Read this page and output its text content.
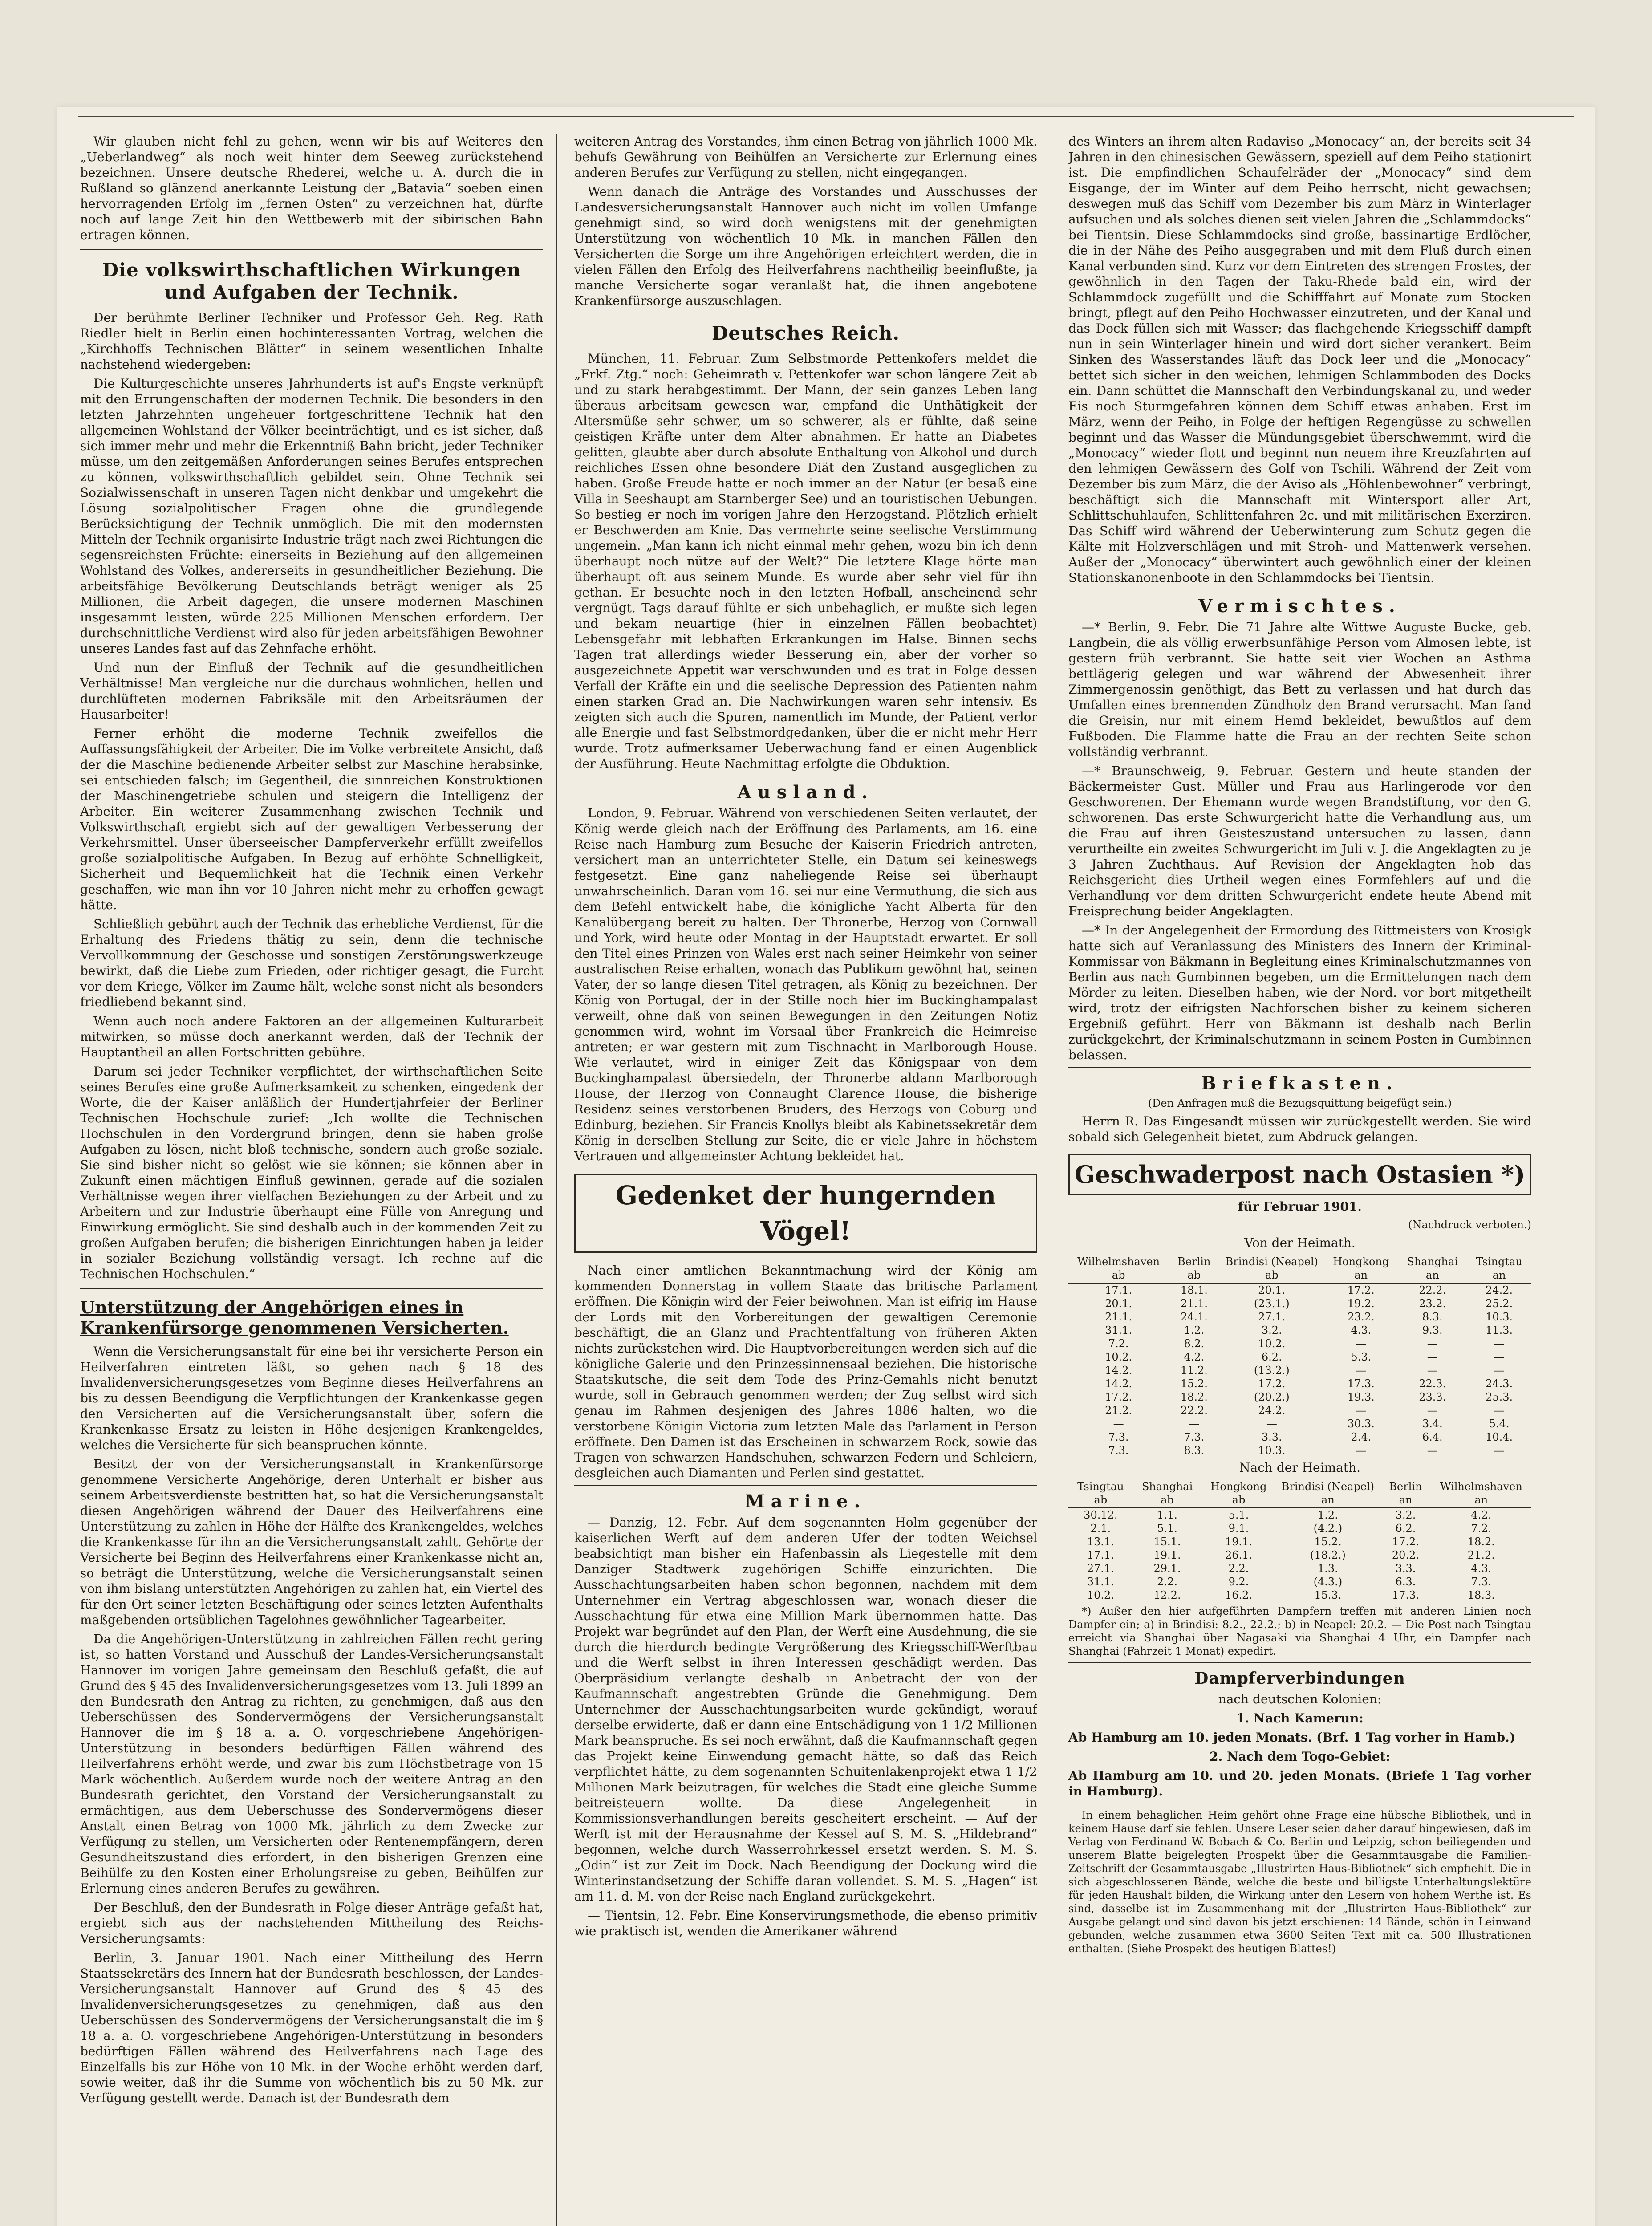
Wir glauben nicht fehl zu gehen, wenn wir bis auf Weiteres den „Ueberlandweg“ als noch weit hinter dem Seeweg zurückstehend bezeichnen. Unsere deutsche Rhederei, welche u. A. durch die in Rußland so glänzend anerkannte Leistung der „Batavia“ soeben einen hervorragenden Erfolg im „fernen Osten“ zu verzeichnen hat, dürfte noch auf lange Zeit hin den Wettbewerb mit der sibirischen Bahn ertragen können.

Die volkswirthschaftlichen Wirkungen und Aufgaben der Technik.

Der berühmte Berliner Techniker und Professor Geh. Reg. Rath Riedler hielt in Berlin einen hochinteressanten Vortrag, welchen die „Kirchhoffs Technischen Blätter“ in seinem wesentlichen Inhalte nachstehend wiedergeben:

Die Kulturgeschichte unseres Jahrhunderts ist auf's Engste verknüpft mit den Errungenschaften der modernen Technik. Die besonders in den letzten Jahrzehnten ungeheuer fortgeschrittene Technik hat den allgemeinen Wohlstand der Völker beeinträchtigt, und es ist sicher, daß sich immer mehr und mehr die Erkenntniß Bahn bricht, jeder Techniker müsse, um den zeitgemäßen Anforderungen seines Berufes entsprechen zu können, volkswirthschaftlich gebildet sein. Ohne Technik sei Sozialwissenschaft in unseren Tagen nicht denkbar und umgekehrt die Lösung sozialpolitischer Fragen ohne die grundlegende Berücksichtigung der Technik unmöglich. Die mit den modernsten Mitteln der Technik organisirte Industrie trägt nach zwei Richtungen die segensreichsten Früchte: einerseits in Beziehung auf den allgemeinen Wohlstand des Volkes, andererseits in gesundheitlicher Beziehung. Die arbeitsfähige Bevölkerung Deutschlands beträgt weniger als 25 Millionen, die Arbeit dagegen, die unsere modernen Maschinen insgesammt leisten, würde 225 Millionen Menschen erfordern. Der durchschnittliche Verdienst wird also für jeden arbeitsfähigen Bewohner unseres Landes fast auf das Zehnfache erhöht.

Und nun der Einfluß der Technik auf die gesundheitlichen Verhältnisse! Man vergleiche nur die durchaus wohnlichen, hellen und durchlüfteten modernen Fabriksäle mit den Arbeitsräumen der Hausarbeiter!

Ferner erhöht die moderne Technik zweifellos die Auffassungsfähigkeit der Arbeiter. Die im Volke verbreitete Ansicht, daß der die Maschine bedienende Arbeiter selbst zur Maschine herabsinke, sei entschieden falsch; im Gegentheil, die sinnreichen Konstruktionen der Maschinengetriebe schulen und steigern die Intelligenz der Arbeiter. Ein weiterer Zusammenhang zwischen Technik und Volkswirthschaft ergiebt sich auf der gewaltigen Verbesserung der Verkehrsmittel. Unser überseeischer Dampferverkehr erfüllt zweifellos große sozialpolitische Aufgaben. In Bezug auf erhöhte Schnelligkeit, Sicherheit und Bequemlichkeit hat die Technik einen Verkehr geschaffen, wie man ihn vor 10 Jahren nicht mehr zu erhoffen gewagt hätte.

Schließlich gebührt auch der Technik das erhebliche Verdienst, für die Erhaltung des Friedens thätig zu sein, denn die technische Vervollkommnung der Geschosse und sonstigen Zerstörungswerkzeuge bewirkt, daß die Liebe zum Frieden, oder richtiger gesagt, die Furcht vor dem Kriege, Völker im Zaume hält, welche sonst nicht als besonders friedliebend bekannt sind.

Wenn auch noch andere Faktoren an der allgemeinen Kulturarbeit mitwirken, so müsse doch anerkannt werden, daß der Technik der Hauptantheil an allen Fortschritten gebühre.

Darum sei jeder Techniker verpflichtet, der wirthschaftlichen Seite seines Berufes eine große Aufmerksamkeit zu schenken, eingedenk der Worte, die der Kaiser anläßlich der Hundertjahrfeier der Berliner Technischen Hochschule zurief: „Ich wollte die Technischen Hochschulen in den Vordergrund bringen, denn sie haben große Aufgaben zu lösen, nicht bloß technische, sondern auch große soziale. Sie sind bisher nicht so gelöst wie sie können; sie können aber in Zukunft einen mächtigen Einfluß gewinnen, gerade auf die sozialen Verhältnisse wegen ihrer vielfachen Beziehungen zu der Arbeit und zu Arbeitern und zur Industrie überhaupt eine Fülle von Anregung und Einwirkung ermöglicht. Sie sind deshalb auch in der kommenden Zeit zu großen Aufgaben berufen; die bisherigen Einrichtungen haben ja leider in sozialer Beziehung vollständig versagt. Ich rechne auf die Technischen Hochschulen.“

Unterstützung der Angehörigen eines in Krankenfürsorge genommenen Versicherten.

Wenn die Versicherungsanstalt für eine bei ihr versicherte Person ein Heilverfahren eintreten läßt, so gehen nach § 18 des Invalidenversicherungsgesetzes vom Beginne dieses Heilverfahrens an bis zu dessen Beendigung die Verpflichtungen der Krankenkasse gegen den Versicherten auf die Versicherungsanstalt über, sofern die Krankenkasse Ersatz zu leisten in Höhe desjenigen Krankengeldes, welches die Versicherte für sich beanspruchen könnte.

Besitzt der von der Versicherungsanstalt in Krankenfürsorge genommene Versicherte Angehörige, deren Unterhalt er bisher aus seinem Arbeitsverdienste bestritten hat, so hat die Versicherungsanstalt diesen Angehörigen während der Dauer des Heilverfahrens eine Unterstützung zu zahlen in Höhe der Hälfte des Krankengeldes, welches die Krankenkasse für ihn an die Versicherungsanstalt zahlt. Gehörte der Versicherte bei Beginn des Heilverfahrens einer Krankenkasse nicht an, so beträgt die Unterstützung, welche die Versicherungsanstalt seinen von ihm bislang unterstützten Angehörigen zu zahlen hat, ein Viertel des für den Ort seiner letzten Beschäftigung oder seines letzten Aufenthalts maßgebenden ortsüblichen Tagelohnes gewöhnlicher Tagearbeiter.

Da die Angehörigen-Unterstützung in zahlreichen Fällen recht gering ist, so hatten Vorstand und Ausschuß der Landes-Versicherungsanstalt Hannover im vorigen Jahre gemeinsam den Beschluß gefaßt, die auf Grund des § 45 des Invalidenversicherungsgesetzes vom 13. Juli 1899 an den Bundesrath den Antrag zu richten, zu genehmigen, daß aus den Ueberschüssen des Sondervermögens der Versicherungsanstalt Hannover die im § 18 a. a. O. vorgeschriebene Angehörigen-Unterstützung in besonders bedürftigen Fällen während des Heilverfahrens erhöht werde, und zwar bis zum Höchstbetrage von 15 Mark wöchentlich. Außerdem wurde noch der weitere Antrag an den Bundesrath gerichtet, den Vorstand der Versicherungsanstalt zu ermächtigen, aus dem Ueberschusse des Sondervermögens dieser Anstalt einen Betrag von 1000 Mk. jährlich zu dem Zwecke zur Verfügung zu stellen, um Versicherten oder Rentenempfängern, deren Gesundheitszustand dies erfordert, in den bisherigen Grenzen eine Beihülfe zu den Kosten einer Erholungsreise zu geben, Beihülfen zur Erlernung eines anderen Berufes zu gewähren.

Der Beschluß, den der Bundesrath in Folge dieser Anträge gefaßt hat, ergiebt sich aus der nachstehenden Mittheilung des Reichs-Versicherungsamts:

Berlin, 3. Januar 1901. Nach einer Mittheilung des Herrn Staatssekretärs des Innern hat der Bundesrath beschlossen, der Landes-Versicherungsanstalt Hannover auf Grund des § 45 des Invalidenversicherungsgesetzes zu genehmigen, daß aus den Ueberschüssen des Sondervermögens der Versicherungsanstalt die im § 18 a. a. O. vorgeschriebene Angehörigen-Unterstützung in besonders bedürftigen Fällen während des Heilverfahrens nach Lage des Einzelfalls bis zur Höhe von 10 Mk. in der Woche erhöht werden darf, sowie weiter, daß ihr die Summe von wöchentlich bis zu 50 Mk. zur Verfügung gestellt werde. Danach ist der Bundesrath dem

weiteren Antrag des Vorstandes, ihm einen Betrag von jährlich 1000 Mk. behufs Gewährung von Beihülfen an Versicherte zur Erlernung eines anderen Berufes zur Verfügung zu stellen, nicht eingegangen.

Wenn danach die Anträge des Vorstandes und Ausschusses der Landesversicherungsanstalt Hannover auch nicht im vollen Umfange genehmigt sind, so wird doch wenigstens mit der genehmigten Unterstützung von wöchentlich 10 Mk. in manchen Fällen den Versicherten die Sorge um ihre Angehörigen erleichtert werden, die in vielen Fällen den Erfolg des Heilverfahrens nachtheilig beeinflußte, ja manche Versicherte sogar veranlaßt hat, die ihnen angebotene Krankenfürsorge auszuschlagen.

Deutsches Reich.

München, 11. Februar. Zum Selbstmorde Pettenkofers meldet die „Frkf. Ztg.“ noch: Geheimrath v. Pettenkofer war schon längere Zeit ab und zu stark herabgestimmt. Der Mann, der sein ganzes Leben lang überaus arbeitsam gewesen war, empfand die Unthätigkeit der Altersmüße sehr schwer, um so schwerer, als er fühlte, daß seine geistigen Kräfte unter dem Alter abnahmen. Er hatte an Diabetes gelitten, glaubte aber durch absolute Enthaltung von Alkohol und durch reichliches Essen ohne besondere Diät den Zustand ausgeglichen zu haben. Große Freude hatte er noch immer an der Natur (er besaß eine Villa in Seeshaupt am Starnberger See) und an touristischen Uebungen. So bestieg er noch im vorigen Jahre den Herzogstand. Plötzlich erhielt er Beschwerden am Knie. Das vermehrte seine seelische Verstimmung ungemein. „Man kann ich nicht einmal mehr gehen, wozu bin ich denn überhaupt noch nütze auf der Welt?“ Die letztere Klage hörte man überhaupt oft aus seinem Munde. Es wurde aber sehr viel für ihn gethan. Er besuchte noch in den letzten Hofball, anscheinend sehr vergnügt. Tags darauf fühlte er sich unbehaglich, er mußte sich legen und bekam neuartige (hier in einzelnen Fällen beobachtet) Lebensgefahr mit lebhaften Erkrankungen im Halse. Binnen sechs Tagen trat allerdings wieder Besserung ein, aber der vorher so ausgezeichnete Appetit war verschwunden und es trat in Folge dessen Verfall der Kräfte ein und die seelische Depression des Patienten nahm einen starken Grad an. Die Nachwirkungen waren sehr intensiv. Es zeigten sich auch die Spuren, namentlich im Munde, der Patient verlor alle Energie und fast Selbstmordgedanken, über die er nicht mehr Herr wurde. Trotz aufmerksamer Ueberwachung fand er einen Augenblick der Ausführung. Heute Nachmittag erfolgte die Obduktion.

Ausland.

London, 9. Februar. Während von verschiedenen Seiten verlautet, der König werde gleich nach der Eröffnung des Parlaments, am 16. eine Reise nach Hamburg zum Besuche der Kaiserin Friedrich antreten, versichert man an unterrichteter Stelle, ein Datum sei keineswegs festgesetzt. Eine ganz naheliegende Reise sei überhaupt unwahrscheinlich. Daran vom 16. sei nur eine Vermuthung, die sich aus dem Befehl entwickelt habe, die königliche Yacht Alberta für den Kanalübergang bereit zu halten. Der Thronerbe, Herzog von Cornwall und York, wird heute oder Montag in der Hauptstadt erwartet. Er soll den Titel eines Prinzen von Wales erst nach seiner Heimkehr von seiner australischen Reise erhalten, wonach das Publikum gewöhnt hat, seinen Vater, der so lange diesen Titel getragen, als König zu bezeichnen. Der König von Portugal, der in der Stille noch hier im Buckinghampalast verweilt, ohne daß von seinen Bewegungen in den Zeitungen Notiz genommen wird, wohnt im Vorsaal über Frankreich die Heimreise antreten; er war gestern mit zum Tischnacht in Marlborough House. Wie verlautet, wird in einiger Zeit das Königspaar von dem Buckinghampalast übersiedeln, der Thronerbe aldann Marlborough House, der Herzog von Connaught Clarence House, die bisherige Residenz seines verstorbenen Bruders, des Herzogs von Coburg und Edinburg, beziehen. Sir Francis Knollys bleibt als Kabinetssekretär dem König in derselben Stellung zur Seite, die er viele Jahre in höchstem Vertrauen und allgemeinster Achtung bekleidet hat.

Gedenket der hungernden Vögel!

Nach einer amtlichen Bekanntmachung wird der König am kommenden Donnerstag in vollem Staate das britische Parlament eröffnen. Die Königin wird der Feier beiwohnen. Man ist eifrig im Hause der Lords mit den Vorbereitungen der gewaltigen Ceremonie beschäftigt, die an Glanz und Prachtentfaltung von früheren Akten nichts zurückstehen wird. Die Hauptvorbereitungen werden sich auf die königliche Galerie und den Prinzessinnensaal beziehen. Die historische Staatskutsche, die seit dem Tode des Prinz-Gemahls nicht benutzt wurde, soll in Gebrauch genommen werden; der Zug selbst wird sich genau im Rahmen desjenigen des Jahres 1886 halten, wo die verstorbene Königin Victoria zum letzten Male das Parlament in Person eröffnete. Den Damen ist das Erscheinen in schwarzem Rock, sowie das Tragen von schwarzen Handschuhen, schwarzen Federn und Schleiern, desgleichen auch Diamanten und Perlen sind gestattet.

Marine.

— Danzig, 12. Febr. Auf dem sogenannten Holm gegenüber der kaiserlichen Werft auf dem anderen Ufer der todten Weichsel beabsichtigt man bisher ein Hafenbassin als Liegestelle mit dem Danziger Stadtwerk zugehörigen Schiffe einzurichten. Die Ausschachtungsarbeiten haben schon begonnen, nachdem mit dem Unternehmer ein Vertrag abgeschlossen war, wonach dieser die Ausschachtung für etwa eine Million Mark übernommen hatte. Das Projekt war begründet auf den Plan, der Werft eine Ausdehnung, die sie durch die hierdurch bedingte Vergrößerung des Kriegsschiff-Werftbau und die Werft selbst in ihren Interessen geschädigt werden. Das Oberpräsidium verlangte deshalb in Anbetracht der von der Kaufmannschaft angestrebten Gründe die Genehmigung. Dem Unternehmer der Ausschachtungsarbeiten wurde gekündigt, worauf derselbe erwiderte, daß er dann eine Entschädigung von 1 1/2 Millionen Mark beanspruche. Es sei noch erwähnt, daß die Kaufmannschaft gegen das Projekt keine Einwendung gemacht hätte, so daß das Reich verpflichtet hätte, zu dem sogenannten Schuitenlakenprojekt etwa 1 1/2 Millionen Mark beizutragen, für welches die Stadt eine gleiche Summe beitreisteuern wollte. Da diese Angelegenheit in Kommissionsverhandlungen bereits gescheitert erscheint. — Auf der Werft ist mit der Herausnahme der Kessel auf S. M. S. „Hildebrand“ begonnen, welche durch Wasserrohrkessel ersetzt werden. S. M. S. „Odin“ ist zur Zeit im Dock. Nach Beendigung der Dockung wird die Winterinstandsetzung der Schiffe daran vollendet. S. M. S. „Hagen“ ist am 11. d. M. von der Reise nach England zurückgekehrt.

— Tientsin, 12. Febr. Eine Konservirungsmethode, die ebenso primitiv wie praktisch ist, wenden die Amerikaner während

des Winters an ihrem alten Radaviso „Monocacy“ an, der bereits seit 34 Jahren in den chinesischen Gewässern, speziell auf dem Peiho stationirt ist. Die empfindlichen Schaufelräder der „Monocacy“ sind dem Eisgange, der im Winter auf dem Peiho herrscht, nicht gewachsen; deswegen muß das Schiff vom Dezember bis zum März in Winterlager aufsuchen und als solches dienen seit vielen Jahren die „Schlammdocks“ bei Tientsin. Diese Schlammdocks sind große, bassinartige Erdlöcher, die in der Nähe des Peiho ausgegraben und mit dem Fluß durch einen Kanal verbunden sind. Kurz vor dem Eintreten des strengen Frostes, der gewöhnlich in den Tagen der Taku-Rhede bald ein, wird der Schlammdock zugefüllt und die Schifffahrt auf Monate zum Stocken bringt, pflegt auf den Peiho Hochwasser einzutreten, und der Kanal und das Dock füllen sich mit Wasser; das flachgehende Kriegsschiff dampft nun in sein Winterlager hinein und wird dort sicher verankert. Beim Sinken des Wasserstandes läuft das Dock leer und die „Monocacy“ bettet sich sicher in den weichen, lehmigen Schlammboden des Docks ein. Dann schüttet die Mannschaft den Verbindungskanal zu, und weder Eis noch Sturmgefahren können dem Schiff etwas anhaben. Erst im März, wenn der Peiho, in Folge der heftigen Regengüsse zu schwellen beginnt und das Wasser die Mündungsgebiet überschwemmt, wird die „Monocacy“ wieder flott und beginnt nun neuem ihre Kreuzfahrten auf den lehmigen Gewässern des Golf von Tschili. Während der Zeit vom Dezember bis zum März, die der Aviso als „Höhlenbewohner“ verbringt, beschäftigt sich die Mannschaft mit Wintersport aller Art, Schlittschuhlaufen, Schlittenfahren 2c. und mit militärischen Exerziren. Das Schiff wird während der Ueberwinterung zum Schutz gegen die Kälte mit Holzverschlägen und mit Stroh- und Mattenwerk versehen. Außer der „Monocacy“ überwintert auch gewöhnlich einer der kleinen Stationskanonenboote in den Schlammdocks bei Tientsin.

Vermischtes.

—* Berlin, 9. Febr. Die 71 Jahre alte Wittwe Auguste Bucke, geb. Langbein, die als völlig erwerbsunfähige Person vom Almosen lebte, ist gestern früh verbrannt. Sie hatte seit vier Wochen an Asthma bettlägerig gelegen und war während der Abwesenheit ihrer Zimmergenossin genöthigt, das Bett zu verlassen und hat durch das Umfallen eines brennenden Zündholz den Brand verursacht. Man fand die Greisin, nur mit einem Hemd bekleidet, bewußtlos auf dem Fußboden. Die Flamme hatte die Frau an der rechten Seite schon vollständig verbrannt.

—* Braunschweig, 9. Februar. Gestern und heute standen der Bäckermeister Gust. Müller und Frau aus Harlingerode vor den Geschworenen. Der Ehemann wurde wegen Brandstiftung, vor den G. schworenen. Das erste Schwurgericht hatte die Verhandlung aus, um die Frau auf ihren Geisteszustand untersuchen zu lassen, dann verurtheilte ein zweites Schwurgericht im Juli v. J. die Angeklagten zu je 3 Jahren Zuchthaus. Auf Revision der Angeklagten hob das Reichsgericht dies Urtheil wegen eines Formfehlers auf und die Verhandlung vor dem dritten Schwurgericht endete heute Abend mit Freisprechung beider Angeklagten.

—* In der Angelegenheit der Ermordung des Rittmeisters von Krosigk hatte sich auf Veranlassung des Ministers des Innern der Kriminal-Kommissar von Bäkmann in Begleitung eines Kriminalschutzmannes von Berlin aus nach Gumbinnen begeben, um die Ermittelungen nach dem Mörder zu leiten. Dieselben haben, wie der Nord. vor bort mitgetheilt wird, trotz der eifrigsten Nachforschen bisher zu keinem sicheren Ergebniß geführt. Herr von Bäkmann ist deshalb nach Berlin zurückgekehrt, der Kriminalschutzmann in seinem Posten in Gumbinnen belassen.

Briefkasten.

(Den Anfragen muß die Bezugsquittung beigefügt sein.)

Herrn R. Das Eingesandt müssen wir zurückgestellt werden. Sie wird sobald sich Gelegenheit bietet, zum Abdruck gelangen.

Geschwaderpost nach Ostasien *)

für Februar 1901.

(Nachdruck verboten.)

Von der Heimath.

Wilhelmshaven ab	Berlin ab	Brindisi (Neapel) ab	Hongkong an	Shanghai an	Tsingtau an
17.1.	18.1.	20.1.	17.2.	22.2.	24.2.
20.1.	21.1.	(23.1.)	19.2.	23.2.	25.2.
21.1.	24.1.	27.1.	23.2.	8.3.	10.3.
31.1.	1.2.	3.2.	4.3.	9.3.	11.3.
7.2.	8.2.	10.2.	—	—	—
10.2.	4.2.	6.2.	5.3.	—	—
14.2.	11.2.	(13.2.)	—	—	—
14.2.	15.2.	17.2.	17.3.	22.3.	24.3.
17.2.	18.2.	(20.2.)	19.3.	23.3.	25.3.
21.2.	22.2.	24.2.	—	—	—
—	—	—	30.3.	3.4.	5.4.
7.3.	7.3.	3.3.	2.4.	6.4.	10.4.
7.3.	8.3.	10.3.	—	—	—

Nach der Heimath.

Tsingtau ab	Shanghai ab	Hongkong ab	Brindisi (Neapel) an	Berlin an	Wilhelmshaven an
30.12.	1.1.	5.1.	1.2.	3.2.	4.2.
2.1.	5.1.	9.1.	(4.2.)	6.2.	7.2.
13.1.	15.1.	19.1.	15.2.	17.2.	18.2.
17.1.	19.1.	26.1.	(18.2.)	20.2.	21.2.
27.1.	29.1.	2.2.	1.3.	3.3.	4.3.
31.1.	2.2.	9.2.	(4.3.)	6.3.	7.3.
10.2.	12.2.	16.2.	15.3.	17.3.	18.3.

*) Außer den hier aufgeführten Dampfern treffen mit anderen Linien noch Dampfer ein; a) in Brindisi: 8.2., 22.2.; b) in Neapel: 20.2. — Die Post nach Tsingtau erreicht via Shanghai über Nagasaki via Shanghai 4 Uhr, ein Dampfer nach Shanghai (Fahrzeit 1 Monat) expedirt.

Dampferverbindungen

nach deutschen Kolonien:

1. Nach Kamerun:

Ab Hamburg am 10. jeden Monats. (Brf. 1 Tag vorher in Hamb.)

2. Nach dem Togo-Gebiet:

Ab Hamburg am 10. und 20. jeden Monats. (Briefe 1 Tag vorher in Hamburg).

In einem behaglichen Heim gehört ohne Frage eine hübsche Bibliothek, und in keinem Hause darf sie fehlen. Unsere Leser seien daher darauf hingewiesen, daß im Verlag von Ferdinand W. Bobach & Co. Berlin und Leipzig, schon beiliegenden und unserem Blatte beigelegten Prospekt über die Gesammtausgabe die Familien-Zeitschrift der Gesammtausgabe „Illustrirten Haus-Bibliothek“ sich empfiehlt. Die in sich abgeschlossenen Bände, welche die beste und billigste Unterhaltungslektüre für jeden Haushalt bilden, die Wirkung unter den Lesern von hohem Werthe ist. Es sind, dasselbe ist im Zusammenhang mit der „Illustrirten Haus-Bibliothek“ zur Ausgabe gelangt und sind davon bis jetzt erschienen: 14 Bände, schön in Leinwand gebunden, welche zusammen etwa 3600 Seiten Text mit ca. 500 Illustrationen enthalten. (Siehe Prospekt des heutigen Blattes!)
